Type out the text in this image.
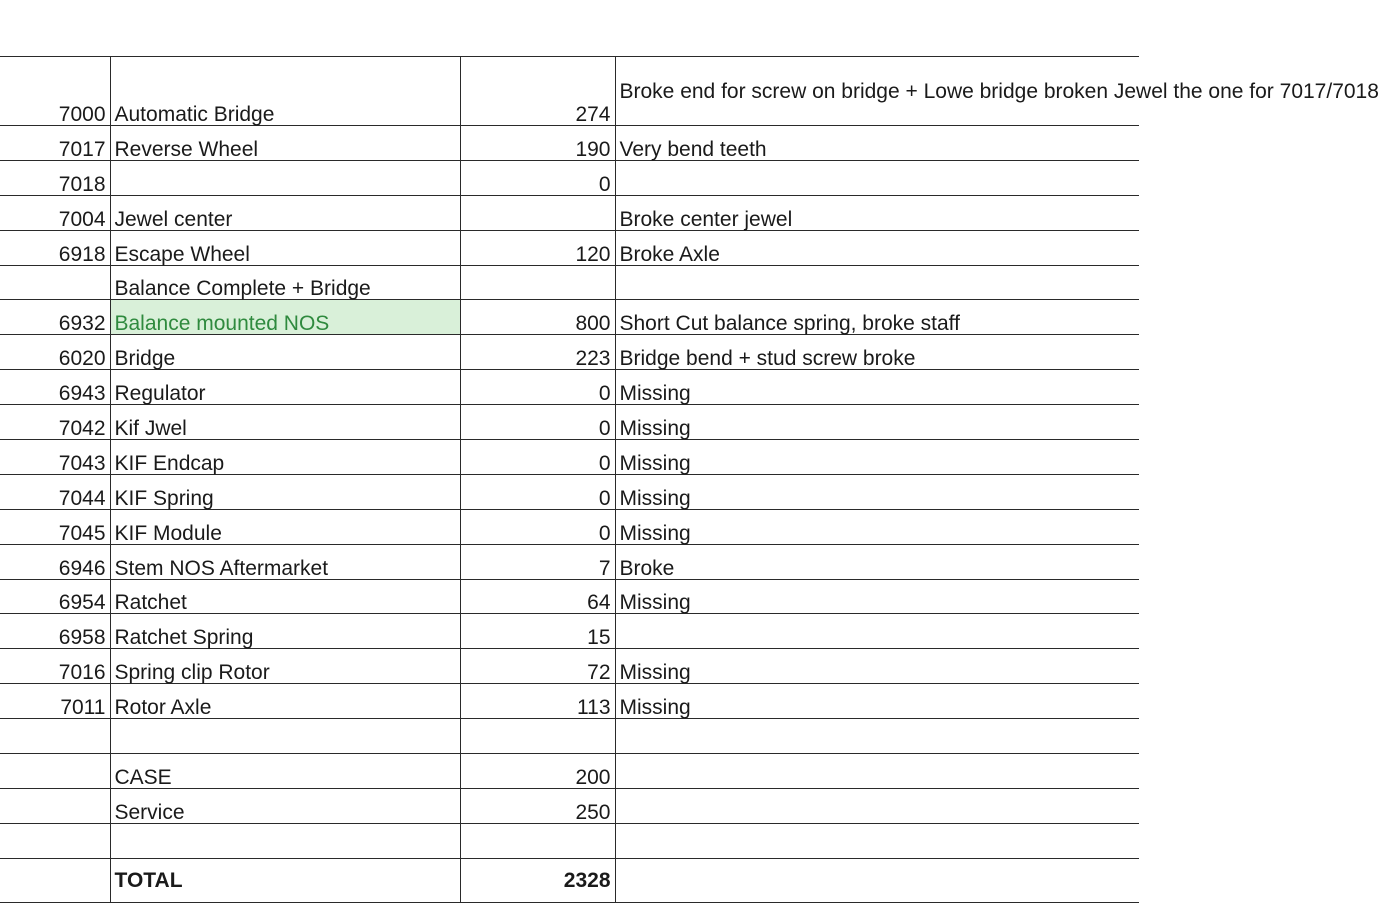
7000	Automatic Bridge	274	Broke end for screw on bridge + Lowe bridge broken Jewel the one for 7017/7018
7017	Reverse Wheel	190	Very bend teeth
7018		0	
7004	Jewel center		Broke center jewel
6918	Escape Wheel	120	Broke Axle
	Balance Complete + Bridge		
6932	Balance mounted NOS	800	Short Cut balance spring, broke staff
6020	Bridge	223	Bridge bend + stud screw broke
6943	Regulator	0	Missing
7042	Kif Jwel	0	Missing
7043	KIF Endcap	0	Missing
7044	KIF Spring	0	Missing
7045	KIF Module	0	Missing
6946	Stem NOS Aftermarket	7	Broke
6954	Ratchet	64	Missing
6958	Ratchet Spring	15	
7016	Spring clip Rotor	72	Missing
7011	Rotor Axle	113	Missing

	CASE	200	
	Service	250	

	TOTAL	2328	
